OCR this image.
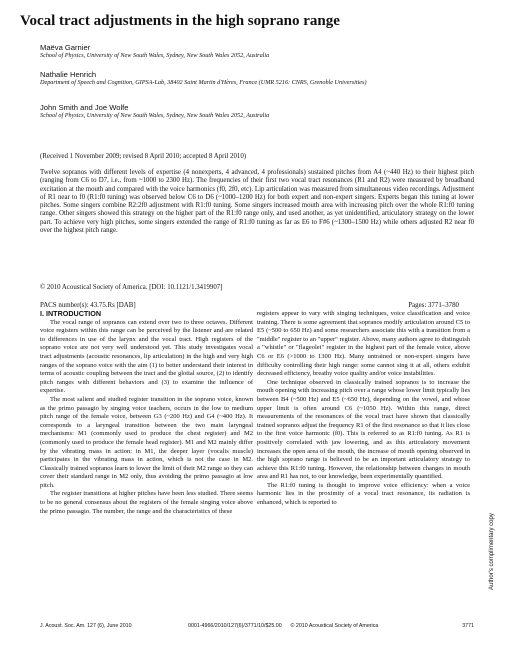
Vocal tract adjustments in the high soprano range
Maëva Garnier
School of Physics, University of New South Wales, Sydney, New South Wales 2052, Australia
Nathalie Henrich
Department of Speech and Cognition, GIPSA-Lab, 38402 Saint Martin d'Hères, France (UMR 5216: CNRS, Grenoble Universities)
John Smith and Joe Wolfe
School of Physics, University of New South Wales, Sydney, New South Wales 2052, Australia
(Received 1 November 2009; revised 8 April 2010; accepted 8 April 2010)

Twelve sopranos with different levels of expertise (4 nonexperts, 4 advanced, 4 professionals) sustained pitches from A4 (~440 Hz) to their highest pitch (ranging from C6 to D7, i.e., from ~1000 to 2300 Hz). The frequencies of their first two vocal tract resonances (R1 and R2) were measured by broadband excitation at the mouth and compared with the voice harmonics (f0, 2f0, etc). Lip articulation was measured from simultaneous video recordings. Adjustment of R1 near to f0 (R1:f0 tuning) was observed below C6 to D6 (~1000–1200 Hz) for both expert and non-expert singers. Experts began this tuning at lower pitches. Some singers combine R2:2f0 adjustment with R1:f0 tuning. Some singers increased mouth area with increasing pitch over the whole R1:f0 tuning range. Other singers showed this strategy on the higher part of the R1:f0 range only, and used another, as yet unidentified, articulatory strategy on the lower part. To achieve very high pitches, some singers extended the range of R1:f0 tuning as far as E6 to F#6 (~1300–1500 Hz) while others adjusted R2 near f0 over the highest pitch range.

© 2010 Acoustical Society of America. [DOI: 10.1121/1.3419907]
PACS number(s): 43.75.Rs [DAB]	Pages: 3771–3780

I. INTRODUCTION

The vocal range of sopranos can extend over two to three octaves. Different voice registers within this range can be perceived by the listener and are related to differences in use of the larynx and the vocal tract. High registers of the soprano voice are not very well understood yet. This study investigates vocal tract adjustments (acoustic resonances, lip articulation) in the high and very high ranges of the soprano voice with the aim (1) to better understand their interest in terms of acoustic coupling between the tract and the glottal source, (2) to identify pitch ranges with different behaviors and (3) to examine the influence of expertise.

The most salient and studied register transition in the soprano voice, known as the primo passagio by singing voice teachers, occurs in the low to medium pitch range of the female voice, between G3 (~200 Hz) and G4 (~400 Hz). It corresponds to a laryngeal transition between the two main laryngeal mechanisms: M1 (commonly used to produce the chest register) and M2 (commonly used to produce the female head register). M1 and M2 mainly differ by the vibrating mass in action: in M1, the deeper layer (vocalis muscle) participates in the vibrating mass in action, which is not the case in M2. Classically trained sopranos learn to lower the limit of their M2 range so they can cover their standard range in M2 only, thus avoiding the primo passagio at low pitch.

The register transitions at higher pitches have been less studied. There seems to be no general consensus about the registers of the female singing voice above the primo passagio. The number, the range and the characteristics of these

registers appear to vary with singing techniques, voice classification and voice training. There is some agreement that sopranos modify articulation around C5 to E5 (~500 to 650 Hz) and some researchers associate this with a transition from a "middle" register to an "upper" register. Above, many authors agree to distinguish a "whistle" or "flageolet" register in the highest part of the female voice, above C6 or E6 (>1000 to 1300 Hz). Many untrained or non-expert singers have difficulty controlling their high range: some cannot sing it at all, others exhibit decreased efficiency, breathy voice quality and/or voice instabilities.

One technique observed in classically trained sopranos is to increase the mouth opening with increasing pitch over a range whose lower limit typically lies between B4 (~500 Hz) and E5 (~650 Hz), depending on the vowel, and whose upper limit is often around C6 (~1050 Hz). Within this range, direct measurements of the resonances of the vocal tract have shown that classically trained sopranos adjust the frequency R1 of the first resonance so that it lies close to the first voice harmonic (f0). This is referred to as R1:f0 tuning. As R1 is positively correlated with jaw lowering, and as this articulatory movement increases the open area of the mouth, the increase of mouth opening observed in the high soprano range is believed to be an important articulatory strategy to achieve this R1:f0 tuning. However, the relationship between changes in mouth area and R1 has not, to our knowledge, been experimentally quantified.

The R1:f0 tuning is thought to improve voice efficiency: when a voice harmonic lies in the proximity of a vocal tract resonance, its radiation is enhanced, which is reported to

J. Acoust. Soc. Am. 127 (6), June 2010	0001-4966/2010/127(6)/3771/10/$25.00 © 2010 Acoustical Society of America	3771
Author's complimentary copy
